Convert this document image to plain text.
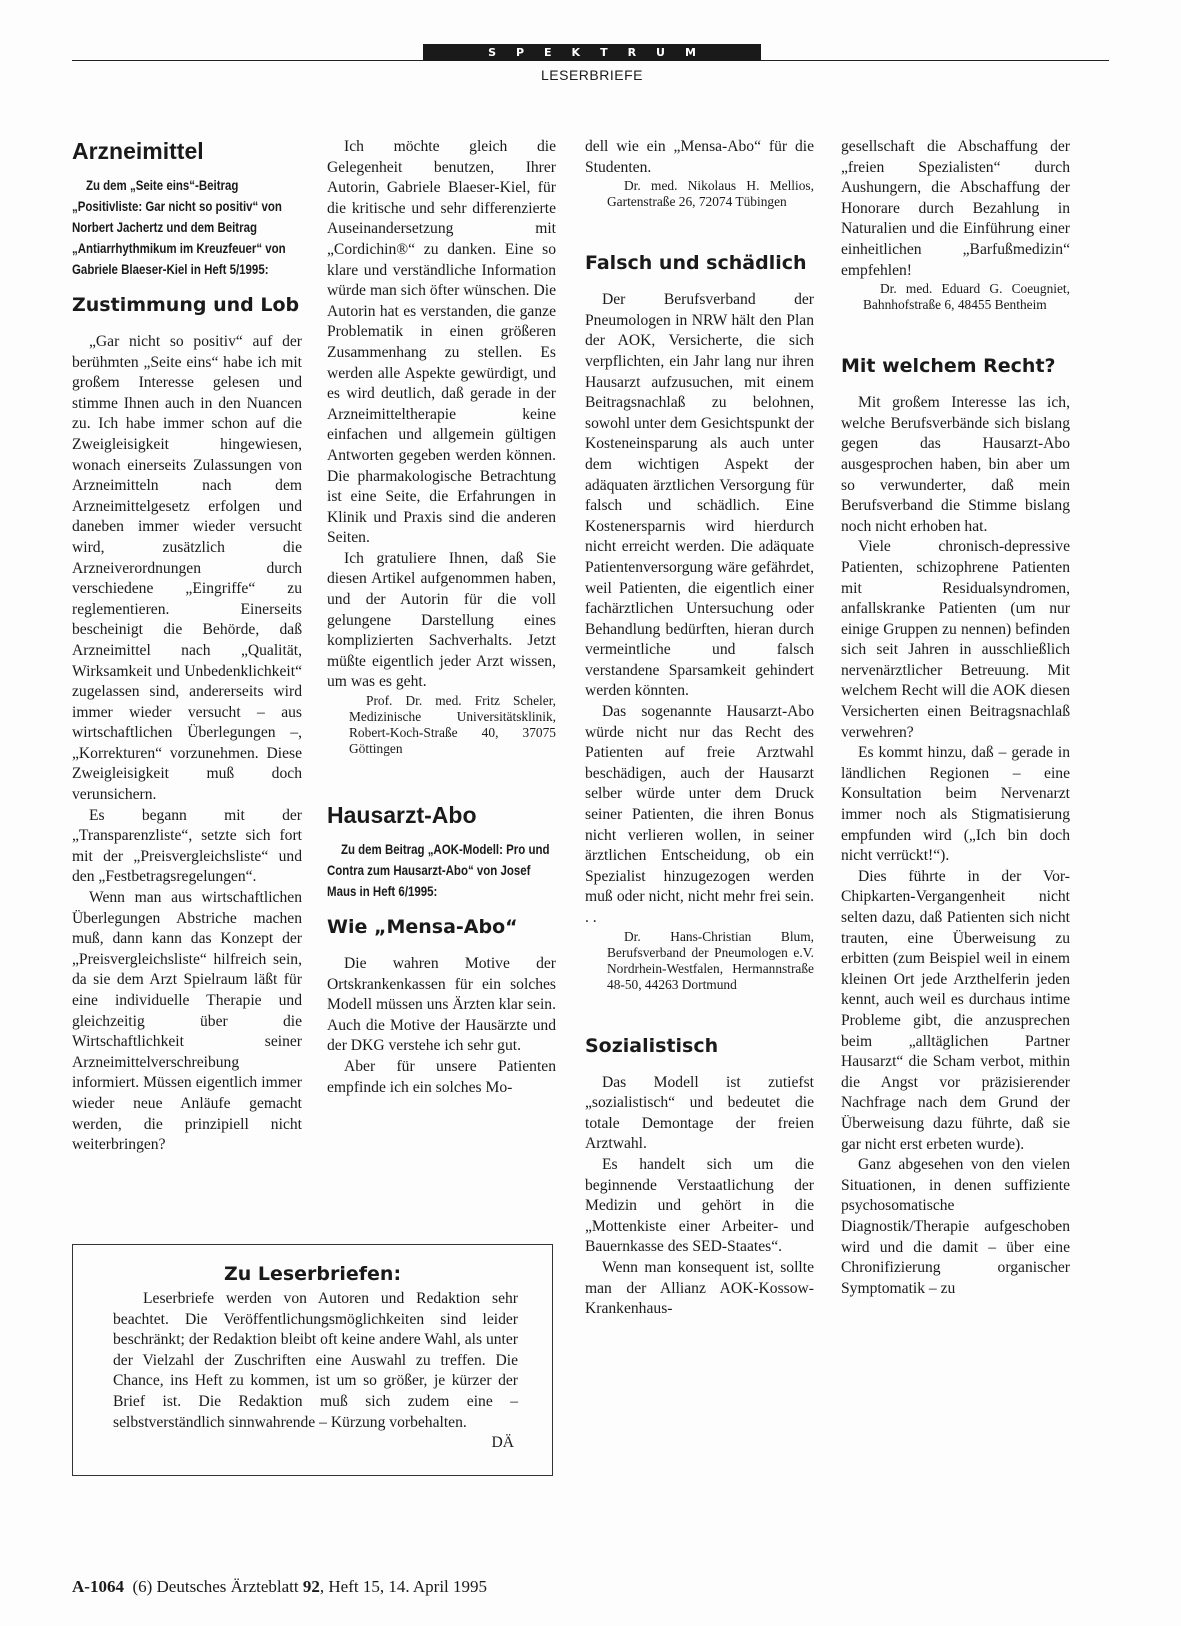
SPEKTRUM
LESERBRIEFE
Arzneimittel

Zu dem „Seite eins“-Beitrag „Positivliste: Gar nicht so positiv“ von Norbert Jachertz und dem Beitrag „Antiarrhythmikum im Kreuzfeuer“ von Gabriele Blaeser-Kiel in Heft 5/1995:

Zustimmung und Lob

„Gar nicht so positiv“ auf der berühmten „Seite eins“ habe ich mit großem Interesse gelesen und stimme Ihnen auch in den Nuancen zu. Ich habe immer schon auf die Zweigleisigkeit hingewiesen, wonach einerseits Zulassungen von Arzneimitteln nach dem Arzneimittelgesetz erfolgen und daneben immer wieder versucht wird, zusätzlich die Arzneiverordnungen durch verschiedene „Eingriffe“ zu reglementieren. Einerseits bescheinigt die Behörde, daß Arzneimittel nach „Qualität, Wirksamkeit und Unbedenklichkeit“ zugelassen sind, andererseits wird immer wieder versucht – aus wirtschaftlichen Überlegungen –, „Korrekturen“ vorzunehmen. Diese Zweigleisigkeit muß doch verunsichern.

Es begann mit der „Transparenzliste“, setzte sich fort mit der „Preisvergleichsliste“ und den „Festbetragsregelungen“.

Wenn man aus wirtschaftlichen Überlegungen Abstriche machen muß, dann kann das Konzept der „Preisvergleichsliste“ hilfreich sein, da sie dem Arzt Spielraum läßt für eine individuelle Therapie und gleichzeitig über die Wirtschaftlichkeit seiner Arzneimittelverschreibung informiert. Müssen eigentlich immer wieder neue Anläufe gemacht werden, die prinzipiell nicht weiterbringen?

Ich möchte gleich die Gelegenheit benutzen, Ihrer Autorin, Gabriele Blaeser-Kiel, für die kritische und sehr differenzierte Auseinandersetzung mit „Cordichin®“ zu danken. Eine so klare und verständliche Information würde man sich öfter wünschen. Die Autorin hat es verstanden, die ganze Problematik in einen größeren Zusammenhang zu stellen. Es werden alle Aspekte gewürdigt, und es wird deutlich, daß gerade in der Arzneimitteltherapie keine einfachen und allgemein gültigen Antworten gegeben werden können. Die pharmakologische Betrachtung ist eine Seite, die Erfahrungen in Klinik und Praxis sind die anderen Seiten.

Ich gratuliere Ihnen, daß Sie diesen Artikel aufgenommen haben, und der Autorin für die voll gelungene Darstellung eines komplizierten Sachverhalts. Jetzt müßte eigentlich jeder Arzt wissen, um was es geht.

Prof. Dr. med. Fritz Scheler, Medizinische Universitätsklinik, Robert-Koch-Straße 40, 37075 Göttingen

Hausarzt-Abo

Zu dem Beitrag „AOK-Modell: Pro und Contra zum Hausarzt-Abo“ von Josef Maus in Heft 6/1995:

Wie „Mensa-Abo“

Die wahren Motive der Ortskrankenkassen für ein solches Modell müssen uns Ärzten klar sein. Auch die Motive der Hausärzte und der DKG verstehe ich sehr gut.

Aber für unsere Patienten empfinde ich ein solches Mo-

dell wie ein „Mensa-Abo“ für die Studenten.

Dr. med. Nikolaus H. Mellios, Gartenstraße 26, 72074 Tübingen

Falsch und schädlich

Der Berufsverband der Pneumologen in NRW hält den Plan der AOK, Versicherte, die sich verpflichten, ein Jahr lang nur ihren Hausarzt aufzusuchen, mit einem Beitragsnachlaß zu belohnen, sowohl unter dem Gesichtspunkt der Kosteneinsparung als auch unter dem wichtigen Aspekt der adäquaten ärztlichen Versorgung für falsch und schädlich. Eine Kostenersparnis wird hierdurch nicht erreicht werden. Die adäquate Patientenversorgung wäre gefährdet, weil Patienten, die eigentlich einer fachärztlichen Untersuchung oder Behandlung bedürften, hieran durch vermeintliche und falsch verstandene Sparsamkeit gehindert werden könnten.

Das sogenannte Hausarzt-Abo würde nicht nur das Recht des Patienten auf freie Arztwahl beschädigen, auch der Hausarzt selber würde unter dem Druck seiner Patienten, die ihren Bonus nicht verlieren wollen, in seiner ärztlichen Entscheidung, ob ein Spezialist hinzugezogen werden muß oder nicht, nicht mehr frei sein. . .

Dr. Hans-Christian Blum, Berufsverband der Pneumologen e.V. Nordrhein-Westfalen, Hermannstraße 48-50, 44263 Dortmund

Sozialistisch

Das Modell ist zutiefst „sozialistisch“ und bedeutet die totale Demontage der freien Arztwahl.

Es handelt sich um die beginnende Verstaatlichung der Medizin und gehört in die „Mottenkiste einer Arbeiter- und Bauernkasse des SED-Staates“.

Wenn man konsequent ist, sollte man der Allianz AOK-Kossow-Krankenhaus-

gesellschaft die Abschaffung der „freien Spezialisten“ durch Aushungern, die Abschaffung der Honorare durch Bezahlung in Naturalien und die Einführung einer einheitlichen „Barfußmedizin“ empfehlen!

Dr. med. Eduard G. Coeugniet, Bahnhofstraße 6, 48455 Bentheim

Mit welchem Recht?

Mit großem Interesse las ich, welche Berufsverbände sich bislang gegen das Hausarzt-Abo ausgesprochen haben, bin aber um so verwunderter, daß mein Berufsverband die Stimme bislang noch nicht erhoben hat.

Viele chronisch-depressive Patienten, schizophrene Patienten mit Residualsyndromen, anfallskranke Patienten (um nur einige Gruppen zu nennen) befinden sich seit Jahren in ausschließlich nervenärztlicher Betreuung. Mit welchem Recht will die AOK diesen Versicherten einen Beitragsnachlaß verwehren?

Es kommt hinzu, daß – gerade in ländlichen Regionen – eine Konsultation beim Nervenarzt immer noch als Stigmatisierung empfunden wird („Ich bin doch nicht verrückt!“).

Dies führte in der Vor-Chipkarten-Vergangenheit nicht selten dazu, daß Patienten sich nicht trauten, eine Überweisung zu erbitten (zum Beispiel weil in einem kleinen Ort jede Arzthelferin jeden kennt, auch weil es durchaus intime Probleme gibt, die anzusprechen beim „alltäglichen Partner Hausarzt“ die Scham verbot, mithin die Angst vor präzisierender Nachfrage nach dem Grund der Überweisung dazu führte, daß sie gar nicht erst erbeten wurde).

Ganz abgesehen von den vielen Situationen, in denen suffiziente psychosomatische Diagnostik/Therapie aufgeschoben wird und die damit – über eine Chronifizierung organischer Symptomatik – zu

Zu Leserbriefen:

Leserbriefe werden von Autoren und Redaktion sehr beachtet. Die Veröffentlichungsmöglichkeiten sind leider beschränkt; der Redaktion bleibt oft keine andere Wahl, als unter der Vielzahl der Zuschriften eine Auswahl zu treffen. Die Chance, ins Heft zu kommen, ist um so größer, je kürzer der Brief ist. Die Redaktion muß sich zudem eine – selbstverständlich sinnwahrende – Kürzung vorbehalten.
DÄ

A-1064 (6) Deutsches Ärzteblatt 92, Heft 15, 14. April 1995
